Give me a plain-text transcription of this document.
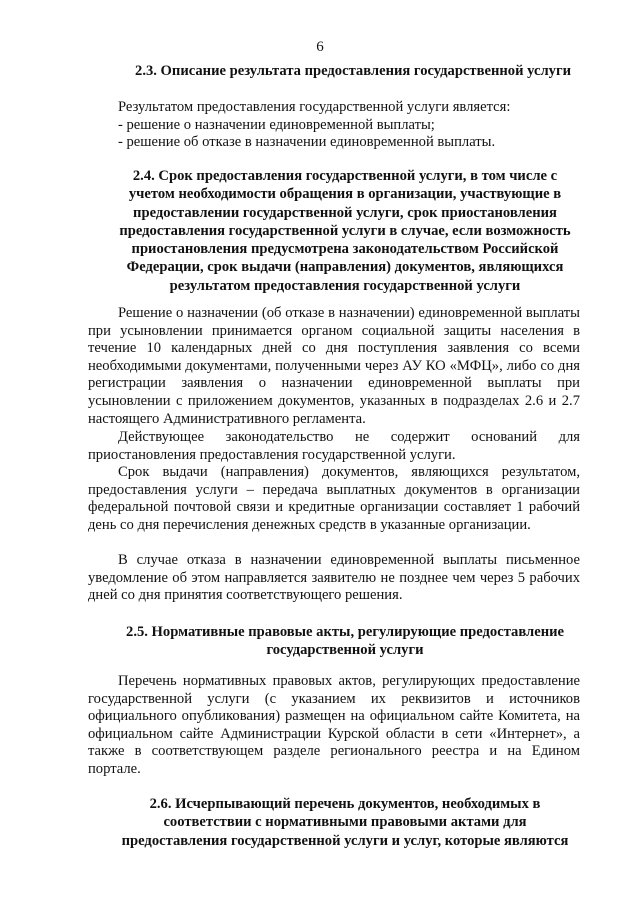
6
2.3. Описание результата предоставления государственной услуги
Результатом предоставления государственной услуги является:
- решение о назначении единовременной выплаты;
- решение об отказе в назначении единовременной выплаты.
2.4. Срок предоставления государственной услуги, в том числе с
учетом необходимости обращения в организации, участвующие в
предоставлении государственной услуги, срок приостановления
предоставления государственной услуги в случае, если возможность
приостановления предусмотрена законодательством Российской
Федерации, срок выдачи (направления) документов, являющихся
результатом предоставления государственной услуги
Решение о назначении (об отказе в назначении) единовременной выплаты при усыновлении принимается органом социальной защиты населения в течение 10 календарных дней со дня поступления заявления со всеми необходимыми документами, полученными через АУ КО «МФЦ», либо со дня регистрации заявления о назначении единовременной выплаты при усыновлении с приложением документов, указанных в подразделах 2.6 и 2.7 настоящего Административного регламента.
Действующее законодательство не содержит оснований для приостановления предоставления государственной услуги.
Срок выдачи (направления) документов, являющихся результатом, предоставления услуги – передача выплатных документов в организации федеральной почтовой связи и кредитные организации составляет 1 рабочий день со дня перечисления денежных средств в указанные организации.
В случае отказа в назначении единовременной выплаты письменное уведомление об этом направляется заявителю не позднее чем через 5 рабочих дней со дня принятия соответствующего решения.
2.5. Нормативные правовые акты, регулирующие предоставление
государственной услуги
Перечень нормативных правовых актов, регулирующих предоставление государственной услуги (с указанием их реквизитов и источников официального опубликования) размещен на официальном сайте Комитета, на официальном сайте Администрации Курской области в сети «Интернет», а также в соответствующем разделе регионального реестра и на Едином портале.
2.6. Исчерпывающий перечень документов, необходимых в
соответствии с нормативными правовыми актами для
предоставления государственной услуги и услуг, которые являются
